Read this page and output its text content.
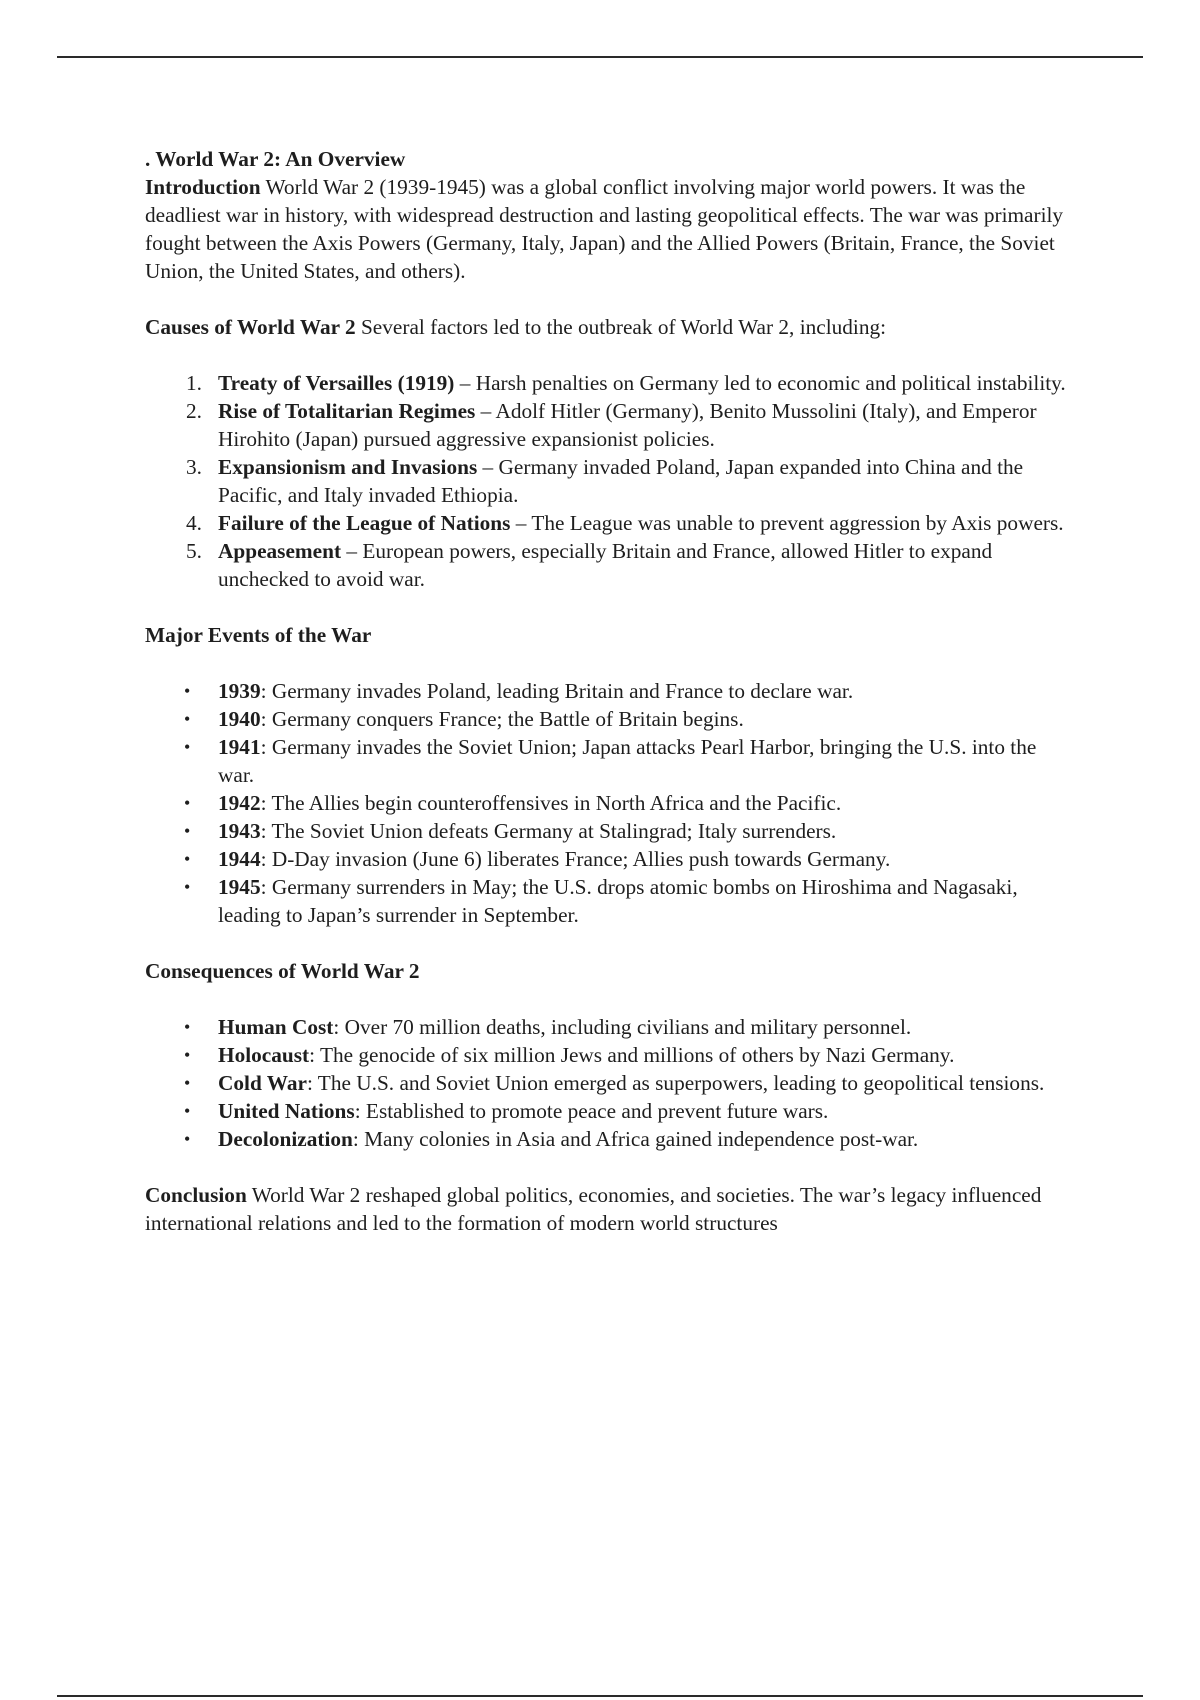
. World War 2: An Overview

Introduction World War 2 (1939-1945) was a global conflict involving major world powers. It was the deadliest war in history, with widespread destruction and lasting geopolitical effects. The war was primarily fought between the Axis Powers (Germany, Italy, Japan) and the Allied Powers (Britain, France, the Soviet Union, the United States, and others).

Causes of World War 2 Several factors led to the outbreak of World War 2, including:

1. Treaty of Versailles (1919) – Harsh penalties on Germany led to economic and political instability.
2. Rise of Totalitarian Regimes – Adolf Hitler (Germany), Benito Mussolini (Italy), and Emperor Hirohito (Japan) pursued aggressive expansionist policies.
3. Expansionism and Invasions – Germany invaded Poland, Japan expanded into China and the Pacific, and Italy invaded Ethiopia.
4. Failure of the League of Nations – The League was unable to prevent aggression by Axis powers.
5. Appeasement – European powers, especially Britain and France, allowed Hitler to expand unchecked to avoid war.

Major Events of the War

• 1939: Germany invades Poland, leading Britain and France to declare war.
• 1940: Germany conquers France; the Battle of Britain begins.
• 1941: Germany invades the Soviet Union; Japan attacks Pearl Harbor, bringing the U.S. into the war.
• 1942: The Allies begin counteroffensives in North Africa and the Pacific.
• 1943: The Soviet Union defeats Germany at Stalingrad; Italy surrenders.
• 1944: D-Day invasion (June 6) liberates France; Allies push towards Germany.
• 1945: Germany surrenders in May; the U.S. drops atomic bombs on Hiroshima and Nagasaki, leading to Japan’s surrender in September.

Consequences of World War 2

• Human Cost: Over 70 million deaths, including civilians and military personnel.
• Holocaust: The genocide of six million Jews and millions of others by Nazi Germany.
• Cold War: The U.S. and Soviet Union emerged as superpowers, leading to geopolitical tensions.
• United Nations: Established to promote peace and prevent future wars.
• Decolonization: Many colonies in Asia and Africa gained independence post-war.

Conclusion World War 2 reshaped global politics, economies, and societies. The war’s legacy influenced international relations and led to the formation of modern world structures
